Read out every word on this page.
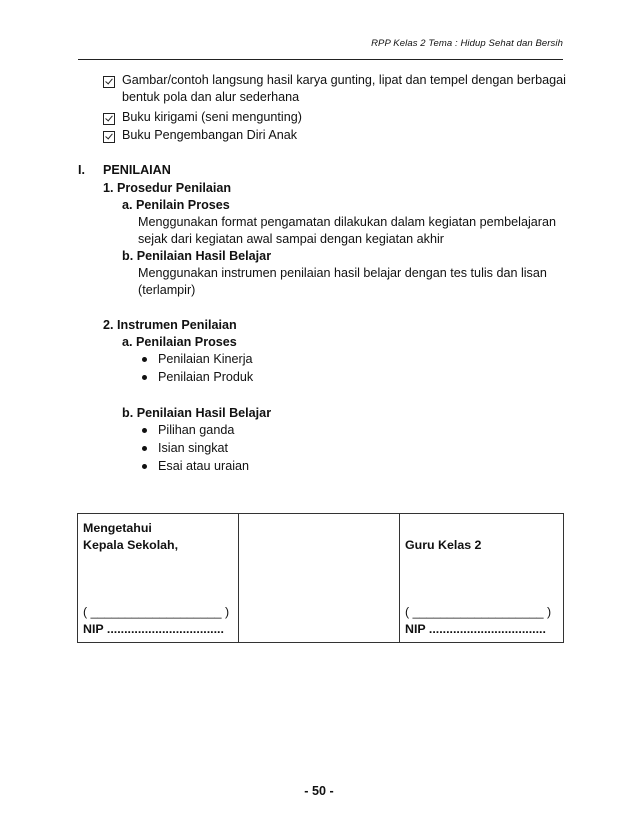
RPP Kelas 2 Tema : Hidup Sehat dan Bersih
Gambar/contoh langsung hasil karya gunting, lipat dan tempel dengan berbagai
bentuk pola dan alur sederhana
Buku kirigami (seni mengunting)
Buku Pengembangan Diri Anak
I. PENILAIAN
1. Prosedur Penilaian
a. Penilain Proses
Menggunakan format pengamatan dilakukan dalam kegiatan pembelajaran
sejak dari kegiatan awal sampai dengan kegiatan akhir
b. Penilaian Hasil Belajar
Menggunakan instrumen penilaian hasil belajar dengan tes tulis dan lisan
(terlampir)
2. Instrumen Penilaian
a. Penilaian Proses
Penilaian Kinerja
Penilaian Produk
b. Penilaian Hasil Belajar
Pilihan ganda
Isian singkat
Esai atau uraian
Mengetahui
Kepala Sekolah,
( ___________________ )
NIP ..................................

Guru Kelas 2
( ___________________ )
NIP ..................................
- 50 -
